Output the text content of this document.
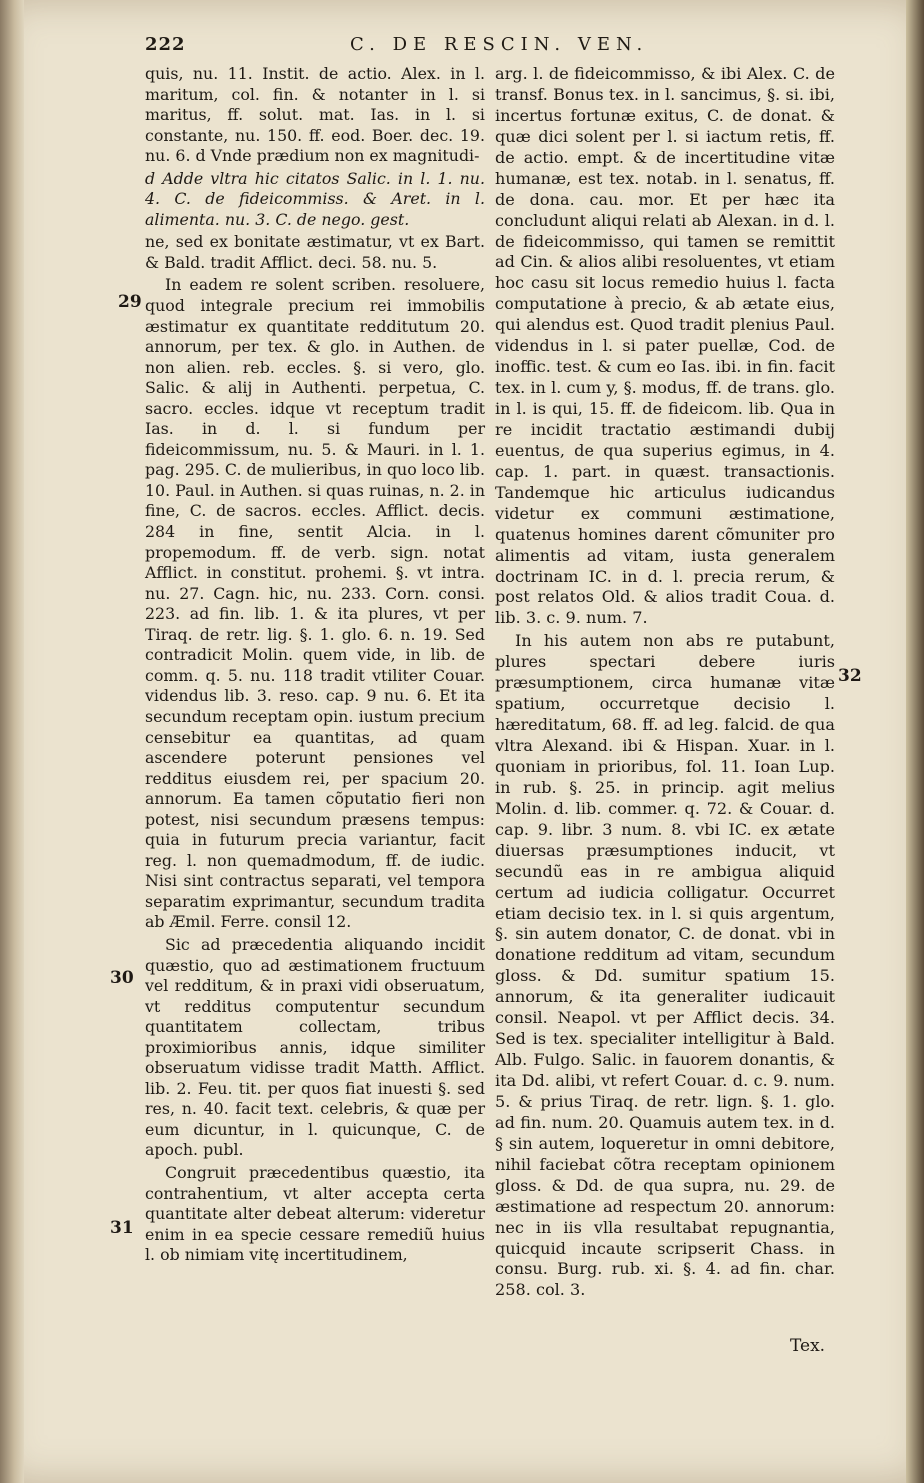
222	C. DE RESCIN. VEN.

quis, nu. 11. Instit. de actio. Alex. in l. maritum, col. fin. & notanter in l. si maritus, ff. solut. mat. Ias. in l. si constante, nu. 150. ff. eod. Boer. dec. 19. nu. 6. d Vnde prædium non ex magnitudi-

d Adde vltra hic citatos Salic. in l. 1. nu. 4. C. de fideicommiss. & Aret. in l. alimenta. nu. 3. C. de nego. gest.

ne, sed ex bonitate æstimatur, vt ex Bart. & Bald. tradit Afflict. deci. 58. nu. 5.

In eadem re solent scriben. resoluere, quod integrale precium rei immobilis æstimatur ex quantitate redditutum 20. annorum, per tex. & glo. in Authen. de non alien. reb. eccles. §. si vero, glo. Salic. & alij in Authenti. perpetua, C. sacro. eccles. idque vt receptum tradit Ias. in d. l. si fundum per fideicommissum, nu. 5. & Mauri. in l. 1. pag. 295. C. de mulieribus, in quo loco lib. 10. Paul. in Authen. si quas ruinas, n. 2. in fine, C. de sacros. eccles. Afflict. decis. 284 in fine, sentit Alcia. in l. propemodum. ff. de verb. sign. notat Afflict. in constitut. prohemi. §. vt intra. nu. 27. Cagn. hic, nu. 233. Corn. consi. 223. ad fin. lib. 1. & ita plures, vt per Tiraq. de retr. lig. §. 1. glo. 6. n. 19. Sed contradicit Molin. quem vide, in lib. de comm. q. 5. nu. 118 tradit vtiliter Couar. videndus lib. 3. reso. cap. 9 nu. 6. Et ita secundum receptam opin. iustum precium censebitur ea quantitas, ad quam ascendere poterunt pensiones vel redditus eiusdem rei, per spacium 20. annorum. Ea tamen cõputatio fieri non potest, nisi secundum præsens tempus: quia in futurum precia variantur, facit reg. l. non quemadmodum, ff. de iudic. Nisi sint contractus separati, vel tempora separatim exprimantur, secundum tradita ab Æmil. Ferre. consil 12.

Sic ad præcedentia aliquando incidit quæstio, quo ad æstimationem fructuum vel redditum, & in praxi vidi obseruatum, vt redditus computentur secundum quantitatem collectam, tribus proximioribus annis, idque similiter obseruatum vidisse tradit Matth. Afflict. lib. 2. Feu. tit. per quos fiat inuesti §. sed res, n. 40. facit text. celebris, & quæ per eum dicuntur, in l. quicunque, C. de apoch. publ.

Congruit præcedentibus quæstio, ita contrahentium, vt alter accepta certa quantitate alter debeat alterum: videretur enim in ea specie cessare remediũ huius l. ob nimiam vitę incertitudinem,

arg. l. de fideicommisso, & ibi Alex. C. de transf. Bonus tex. in l. sancimus, §. si. ibi, incertus fortunæ exitus, C. de donat. & quæ dici solent per l. si iactum retis, ff. de actio. empt. & de incertitudine vitæ humanæ, est tex. notab. in l. senatus, ff. de dona. cau. mor. Et per hæc ita concludunt aliqui relati ab Alexan. in d. l. de fideicommisso, qui tamen se remittit ad Cin. & alios alibi resoluentes, vt etiam hoc casu sit locus remedio huius l. facta computatione à precio, & ab ætate eius, qui alendus est. Quod tradit plenius Paul. videndus in l. si pater puellæ, Cod. de inoffic. test. & cum eo Ias. ibi. in fin. facit tex. in l. cum y, §. modus, ff. de trans. glo. in l. is qui, 15. ff. de fideicom. lib. Qua in re incidit tractatio æstimandi dubij euentus, de qua superius egimus, in 4. cap. 1. part. in quæst. transactionis. Tandemque hic articulus iudicandus videtur ex communi æstimatione, quatenus homines darent cõmuniter pro alimentis ad vitam, iusta generalem doctrinam IC. in d. l. precia rerum, & post relatos Old. & alios tradit Coua. d. lib. 3. c. 9. num. 7.

In his autem non abs re putabunt, plures spectari debere iuris præsumptionem, circa humanæ vitæ spatium, occurretque decisio l. hæreditatum, 68. ff. ad leg. falcid. de qua vltra Alexand. ibi & Hispan. Xuar. in l. quoniam in prioribus, fol. 11. Ioan Lup. in rub. §. 25. in princip. agit melius Molin. d. lib. commer. q. 72. & Couar. d. cap. 9. libr. 3 num. 8. vbi IC. ex ætate diuersas præsumptiones inducit, vt secundũ eas in re ambigua aliquid certum ad iudicia colligatur. Occurret etiam decisio tex. in l. si quis argentum, §. sin autem donator, C. de donat. vbi in donatione redditum ad vitam, secundum gloss. & Dd. sumitur spatium 15. annorum, & ita generaliter iudicauit consil. Neapol. vt per Afflict decis. 34. Sed is tex. specialiter intelligitur à Bald. Alb. Fulgo. Salic. in fauorem donantis, & ita Dd. alibi, vt refert Couar. d. c. 9. num. 5. & prius Tiraq. de retr. lign. §. 1. glo. ad fin. num. 20. Quamuis autem tex. in d. § sin autem, loqueretur in omni debitore, nihil faciebat cõtra receptam opinionem gloss. & Dd. de qua supra, nu. 29. de æstimatione ad respectum 20. annorum: nec in iis vlla resultabat repugnantia, quicquid incaute scripserit Chass. in consu. Burg. rub. xi. §. 4. ad fin. char. 258. col. 3.

29
30
31
32
Tex.
